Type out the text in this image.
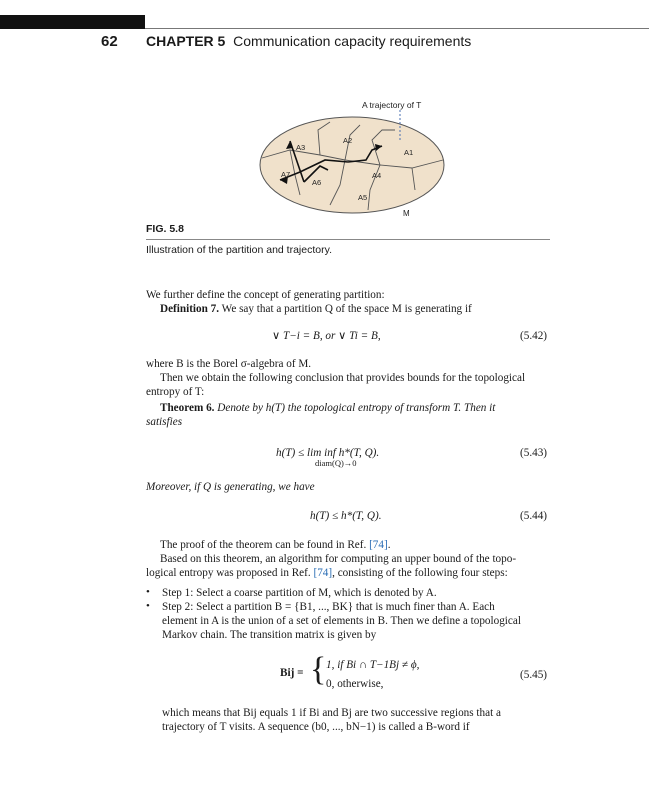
62 CHAPTER 5 Communication capacity requirements
A trajectory of T
M
A1
A2
A3
A4
A5
A6
A7
FIG. 5.8
Illustration of the partition and trajectory.
We further define the concept of generating partition:
Definition 7. We say that a partition Q of the space M is generating if
∨ T−i = B, or ∨ Ti = B,	(5.42)
where B is the Borel σ-algebra of M.
Then we obtain the following conclusion that provides bounds for the topological
entropy of T:
Theorem 6. Denote by h(T) the topological entropy of transform T. Then it
satisfies
h(T) ≤ lim inf h*(T, Q).
diam(Q)→0
(5.43)
Moreover, if Q is generating, we have
h(T) ≤ h*(T, Q).	(5.44)
The proof of the theorem can be found in Ref. [74].
Based on this theorem, an algorithm for computing an upper bound of the topo-
logical entropy was proposed in Ref. [74], consisting of the following four steps:
• Step 1: Select a coarse partition of M, which is denoted by A.
• Step 2: Select a partition B = {B1, ..., BK} that is much finer than A. Each
element in A is the union of a set of elements in B. Then we define a topological
Markov chain. The transition matrix is given by
Bij = { 1, if Bi ∩ T−1Bj ≠ ϕ,
0, otherwise,
(5.45)
which means that Bij equals 1 if Bi and Bj are two successive regions that a
trajectory of T visits. A sequence (b0, ..., bN−1) is called a B-word if
